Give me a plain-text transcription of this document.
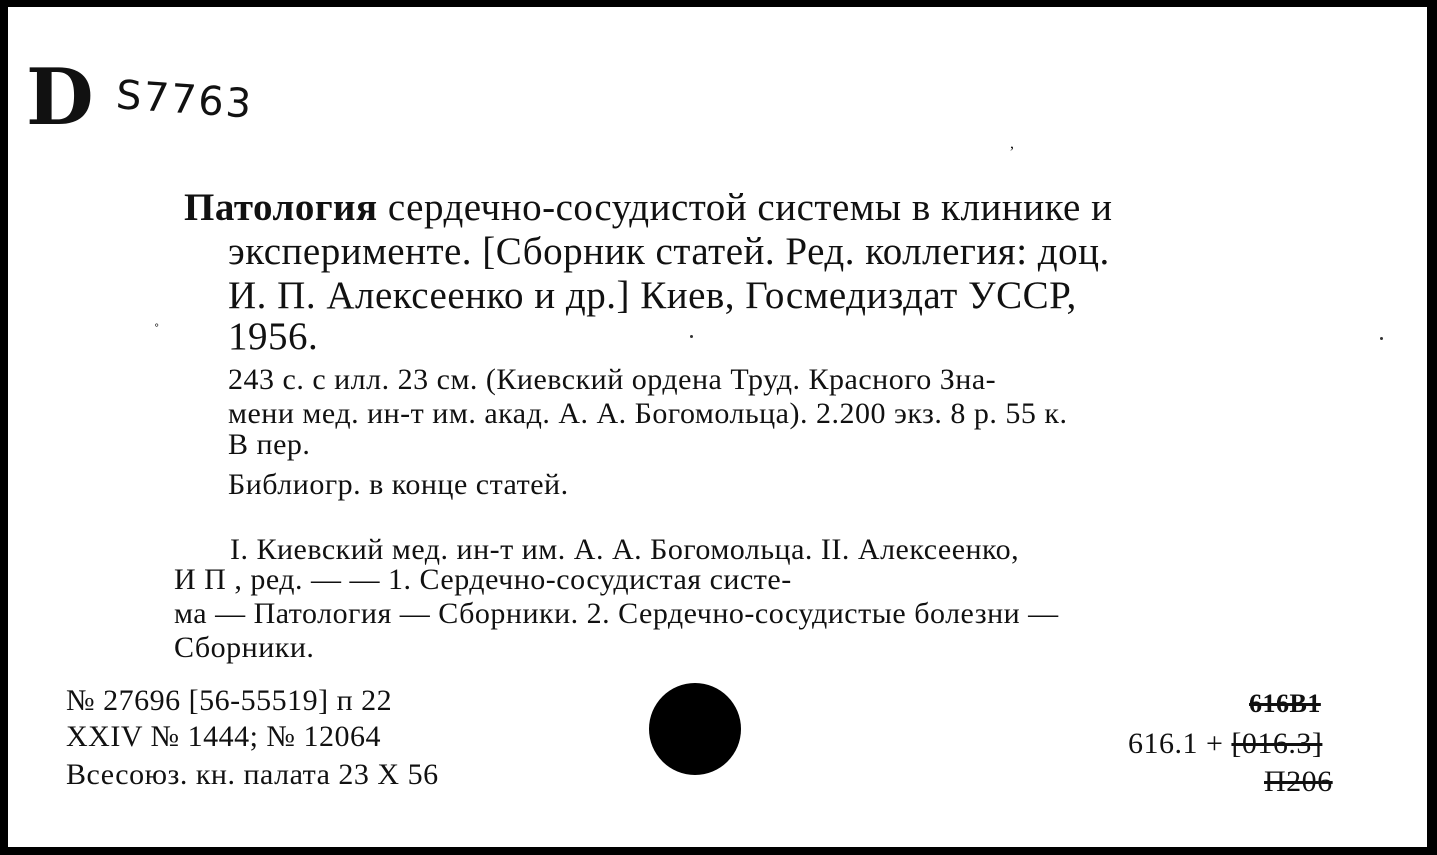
D S7763
,
˚
Патология сердечно-сосудистой системы в клинике и
эксперименте. [Сборник статей. Ред. коллегия: доц.
И. П. Алексеенко и др.] Киев, Госмедиздат УССР,
1956.
243 с. с илл. 23 см. (Киевский ордена Труд. Красного Зна-
мени мед. ин-т им. акад. А. А. Богомольца). 2.200 экз. 8 р. 55 к.
В пер.
Библиогр. в конце статей.
I. Киевский мед. ин-т им. А. А. Богомольца. II. Алексеенко,
И П , ред. — — 1. Сердечно-сосудистая систе-
ма — Патология — Сборники. 2. Сердечно-сосудистые болезни —
Сборники.
№ 27696 [56-55519] п 22
XXIV № 1444; № 12064
Всесоюз. кн. палата 23 X 56
616В1
616.1 + [016.3]
П206
